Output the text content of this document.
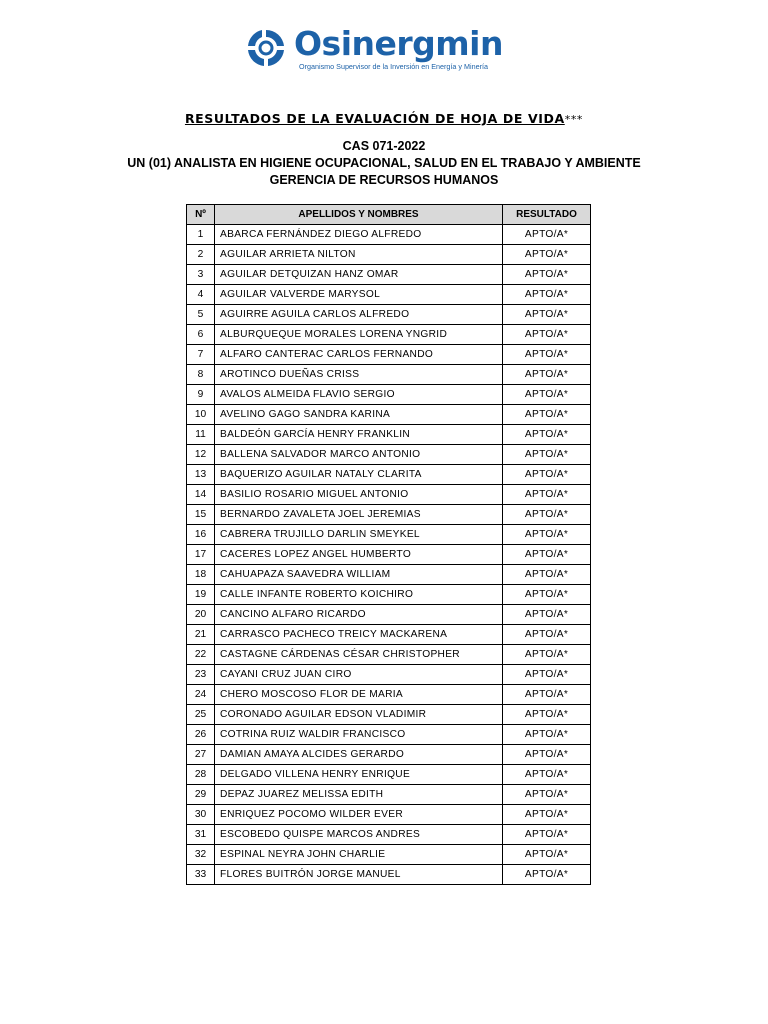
Osinergmin
Organismo Supervisor de la Inversión en Energía y Minería
RESULTADOS DE LA EVALUACIÓN DE HOJA DE VIDA***
CAS 071-2022
UN (01) ANALISTA EN HIGIENE OCUPACIONAL, SALUD EN EL TRABAJO Y AMBIENTE
GERENCIA DE RECURSOS HUMANOS
Nº	APELLIDOS Y NOMBRES	RESULTADO
1	ABARCA FERNÁNDEZ DIEGO ALFREDO	APTO/A*
2	AGUILAR ARRIETA NILTON	APTO/A*
3	AGUILAR DETQUIZAN HANZ OMAR	APTO/A*
4	AGUILAR VALVERDE MARYSOL	APTO/A*
5	AGUIRRE AGUILA CARLOS ALFREDO	APTO/A*
6	ALBURQUEQUE MORALES LORENA YNGRID	APTO/A*
7	ALFARO CANTERAC CARLOS FERNANDO	APTO/A*
8	AROTINCO DUEÑAS CRISS	APTO/A*
9	AVALOS ALMEIDA FLAVIO SERGIO	APTO/A*
10	AVELINO GAGO SANDRA KARINA	APTO/A*
11	BALDEÓN GARCÍA HENRY FRANKLIN	APTO/A*
12	BALLENA SALVADOR MARCO ANTONIO	APTO/A*
13	BAQUERIZO AGUILAR NATALY CLARITA	APTO/A*
14	BASILIO ROSARIO MIGUEL ANTONIO	APTO/A*
15	BERNARDO ZAVALETA JOEL JEREMIAS	APTO/A*
16	CABRERA TRUJILLO DARLIN SMEYKEL	APTO/A*
17	CACERES LOPEZ ANGEL HUMBERTO	APTO/A*
18	CAHUAPAZA SAAVEDRA WILLIAM	APTO/A*
19	CALLE INFANTE ROBERTO KOICHIRO	APTO/A*
20	CANCINO ALFARO RICARDO	APTO/A*
21	CARRASCO PACHECO TREICY MACKARENA	APTO/A*
22	CASTAGNE CÁRDENAS CÉSAR CHRISTOPHER	APTO/A*
23	CAYANI CRUZ JUAN CIRO	APTO/A*
24	CHERO MOSCOSO FLOR DE MARIA	APTO/A*
25	CORONADO AGUILAR EDSON VLADIMIR	APTO/A*
26	COTRINA RUIZ WALDIR FRANCISCO	APTO/A*
27	DAMIAN AMAYA ALCIDES GERARDO	APTO/A*
28	DELGADO VILLENA HENRY ENRIQUE	APTO/A*
29	DEPAZ JUAREZ MELISSA EDITH	APTO/A*
30	ENRIQUEZ POCOMO WILDER EVER	APTO/A*
31	ESCOBEDO QUISPE MARCOS ANDRES	APTO/A*
32	ESPINAL NEYRA JOHN CHARLIE	APTO/A*
33	FLORES BUITRÓN JORGE MANUEL	APTO/A*
